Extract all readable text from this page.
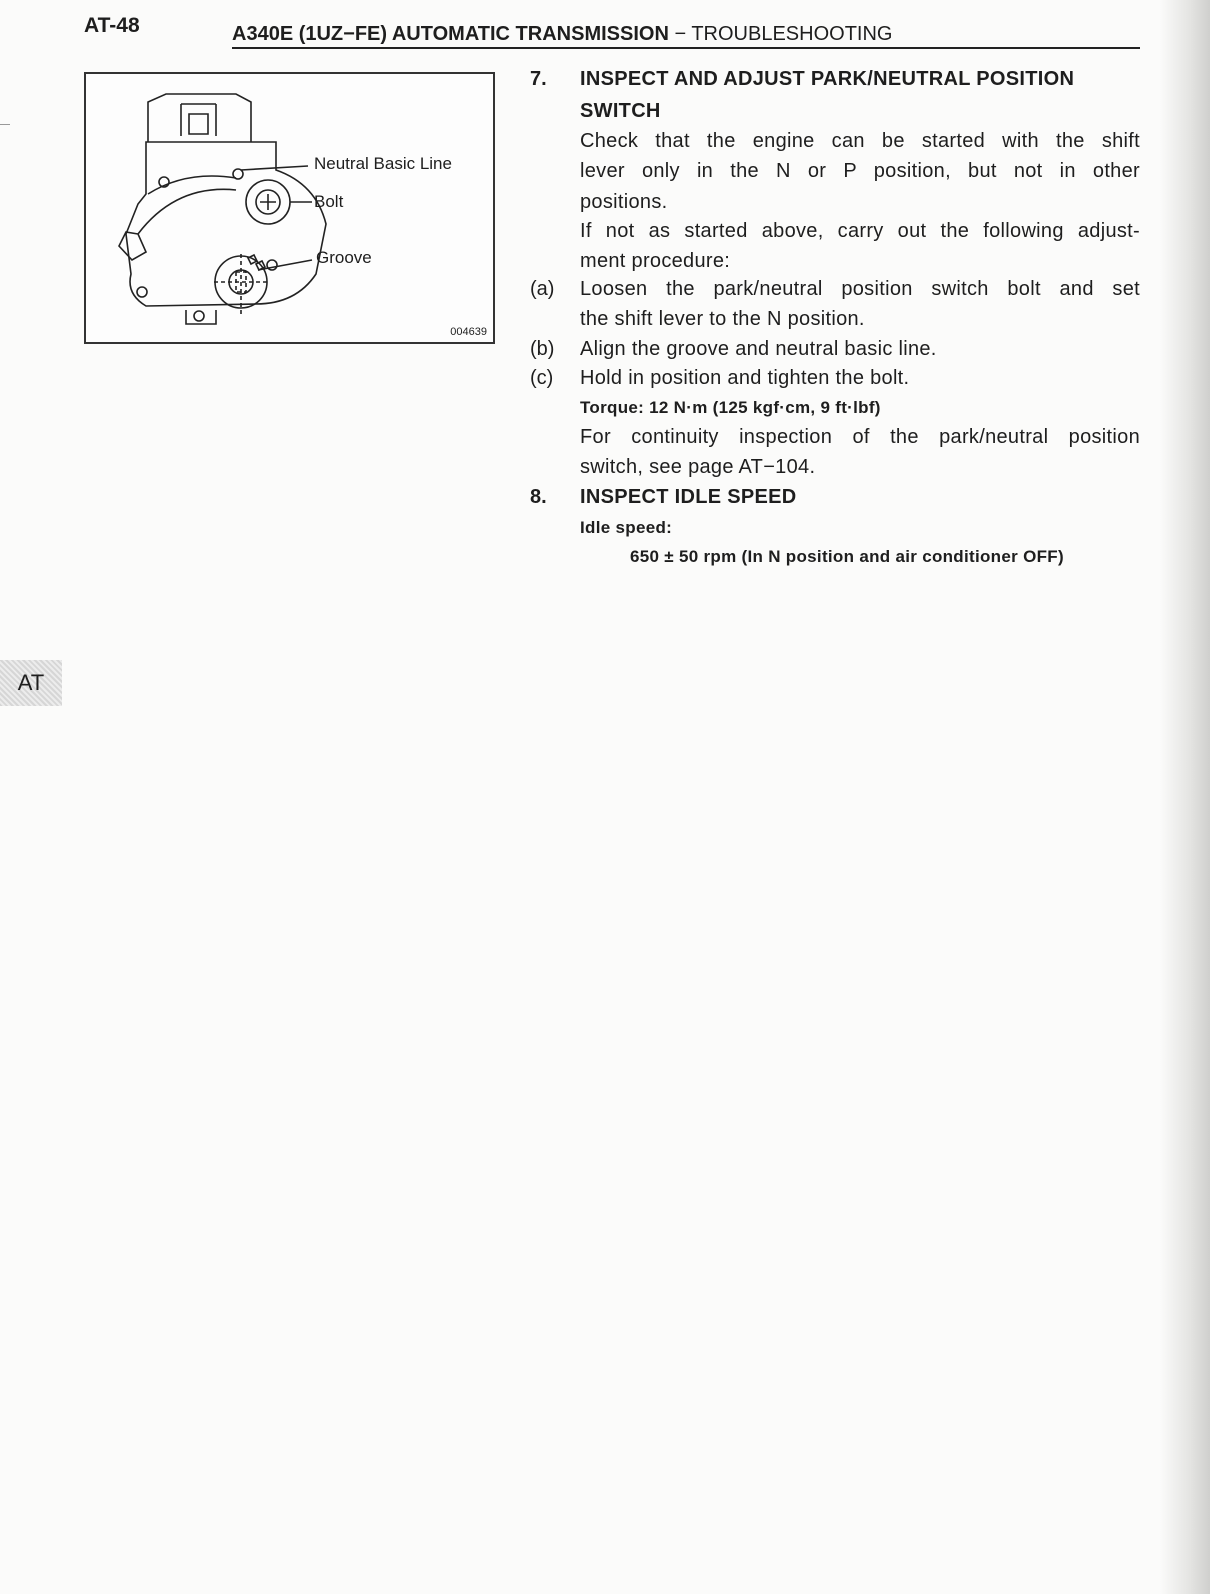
AT-48	A340E (1UZ−FE) AUTOMATIC TRANSMISSION − TROUBLESHOOTING
Neutral Basic Line
Bolt
Groove
004639
AT
7. INSPECT AND ADJUST PARK/NEUTRAL POSITION
SWITCH
Check that the engine can be started with the shift
lever only in the N or P position, but not in other
positions.
If not as started above, carry out the following adjust-
ment procedure:
(a) Loosen the park/neutral position switch bolt and set
the shift lever to the N position.
(b) Align the groove and neutral basic line.
(c) Hold in position and tighten the bolt.
Torque: 12 N·m (125 kgf·cm, 9 ft·lbf)
For continuity inspection of the park/neutral position
switch, see page AT−104.
8. INSPECT IDLE SPEED
Idle speed:
650 ± 50 rpm (In N position and air conditioner OFF)
